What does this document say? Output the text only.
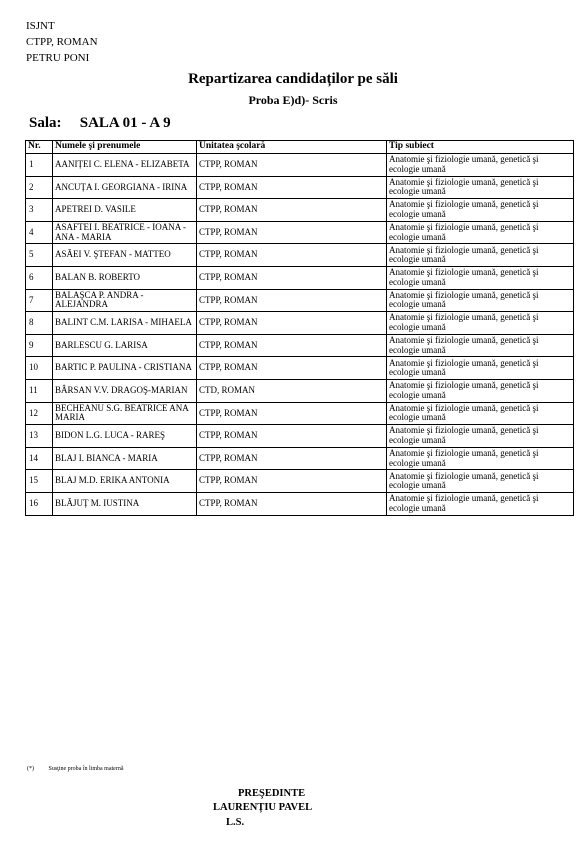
ISJNT
CTPP, ROMAN
PETRU PONI
Repartizarea candidaților pe săli
Proba E)d)- Scris
Sala: SALA 01 - A 9
Nr.	Numele şi prenumele	Unitatea şcolară	Tip subiect
1	AANIȚEI C. ELENA - ELIZABETA	CTPP, ROMAN	Anatomie şi fiziologie umană, genetică şi ecologie umană
2	ANCUȚA I. GEORGIANA - IRINA	CTPP, ROMAN	Anatomie şi fiziologie umană, genetică şi ecologie umană
3	APETREI D. VASILE	CTPP, ROMAN	Anatomie şi fiziologie umană, genetică şi ecologie umană
4	ASAFTEI I. BEATRICE - IOANA - ANA - MARIA	CTPP, ROMAN	Anatomie şi fiziologie umană, genetică şi ecologie umană
5	ASĂEI V. ŞTEFAN - MATTEO	CTPP, ROMAN	Anatomie şi fiziologie umană, genetică şi ecologie umană
6	BALAN B. ROBERTO	CTPP, ROMAN	Anatomie şi fiziologie umană, genetică şi ecologie umană
7	BALAŞCA P. ANDRA - ALEJANDRA	CTPP, ROMAN	Anatomie şi fiziologie umană, genetică şi ecologie umană
8	BALINT C.M. LARISA - MIHAELA	CTPP, ROMAN	Anatomie şi fiziologie umană, genetică şi ecologie umană
9	BARLESCU G. LARISA	CTPP, ROMAN	Anatomie şi fiziologie umană, genetică şi ecologie umană
10	BARTIC P. PAULINA - CRISTIANA	CTPP, ROMAN	Anatomie şi fiziologie umană, genetică şi ecologie umană
11	BÂRSAN V.V. DRAGOŞ-MARIAN	CTD, ROMAN	Anatomie şi fiziologie umană, genetică şi ecologie umană
12	BECHEANU S.G. BEATRICE ANA MARIA	CTPP, ROMAN	Anatomie şi fiziologie umană, genetică şi ecologie umană
13	BIDON L.G. LUCA - RAREŞ	CTPP, ROMAN	Anatomie şi fiziologie umană, genetică şi ecologie umană
14	BLAJ I. BIANCA - MARIA	CTPP, ROMAN	Anatomie şi fiziologie umană, genetică şi ecologie umană
15	BLAJ M.D. ERIKA ANTONIA	CTPP, ROMAN	Anatomie şi fiziologie umană, genetică şi ecologie umană
16	BLĂJUȚ M. IUSTINA	CTPP, ROMAN	Anatomie şi fiziologie umană, genetică şi ecologie umană
(*) Susţine proba în limba maternă
PREŞEDINTE
LAURENȚIU PAVEL
L.S.
